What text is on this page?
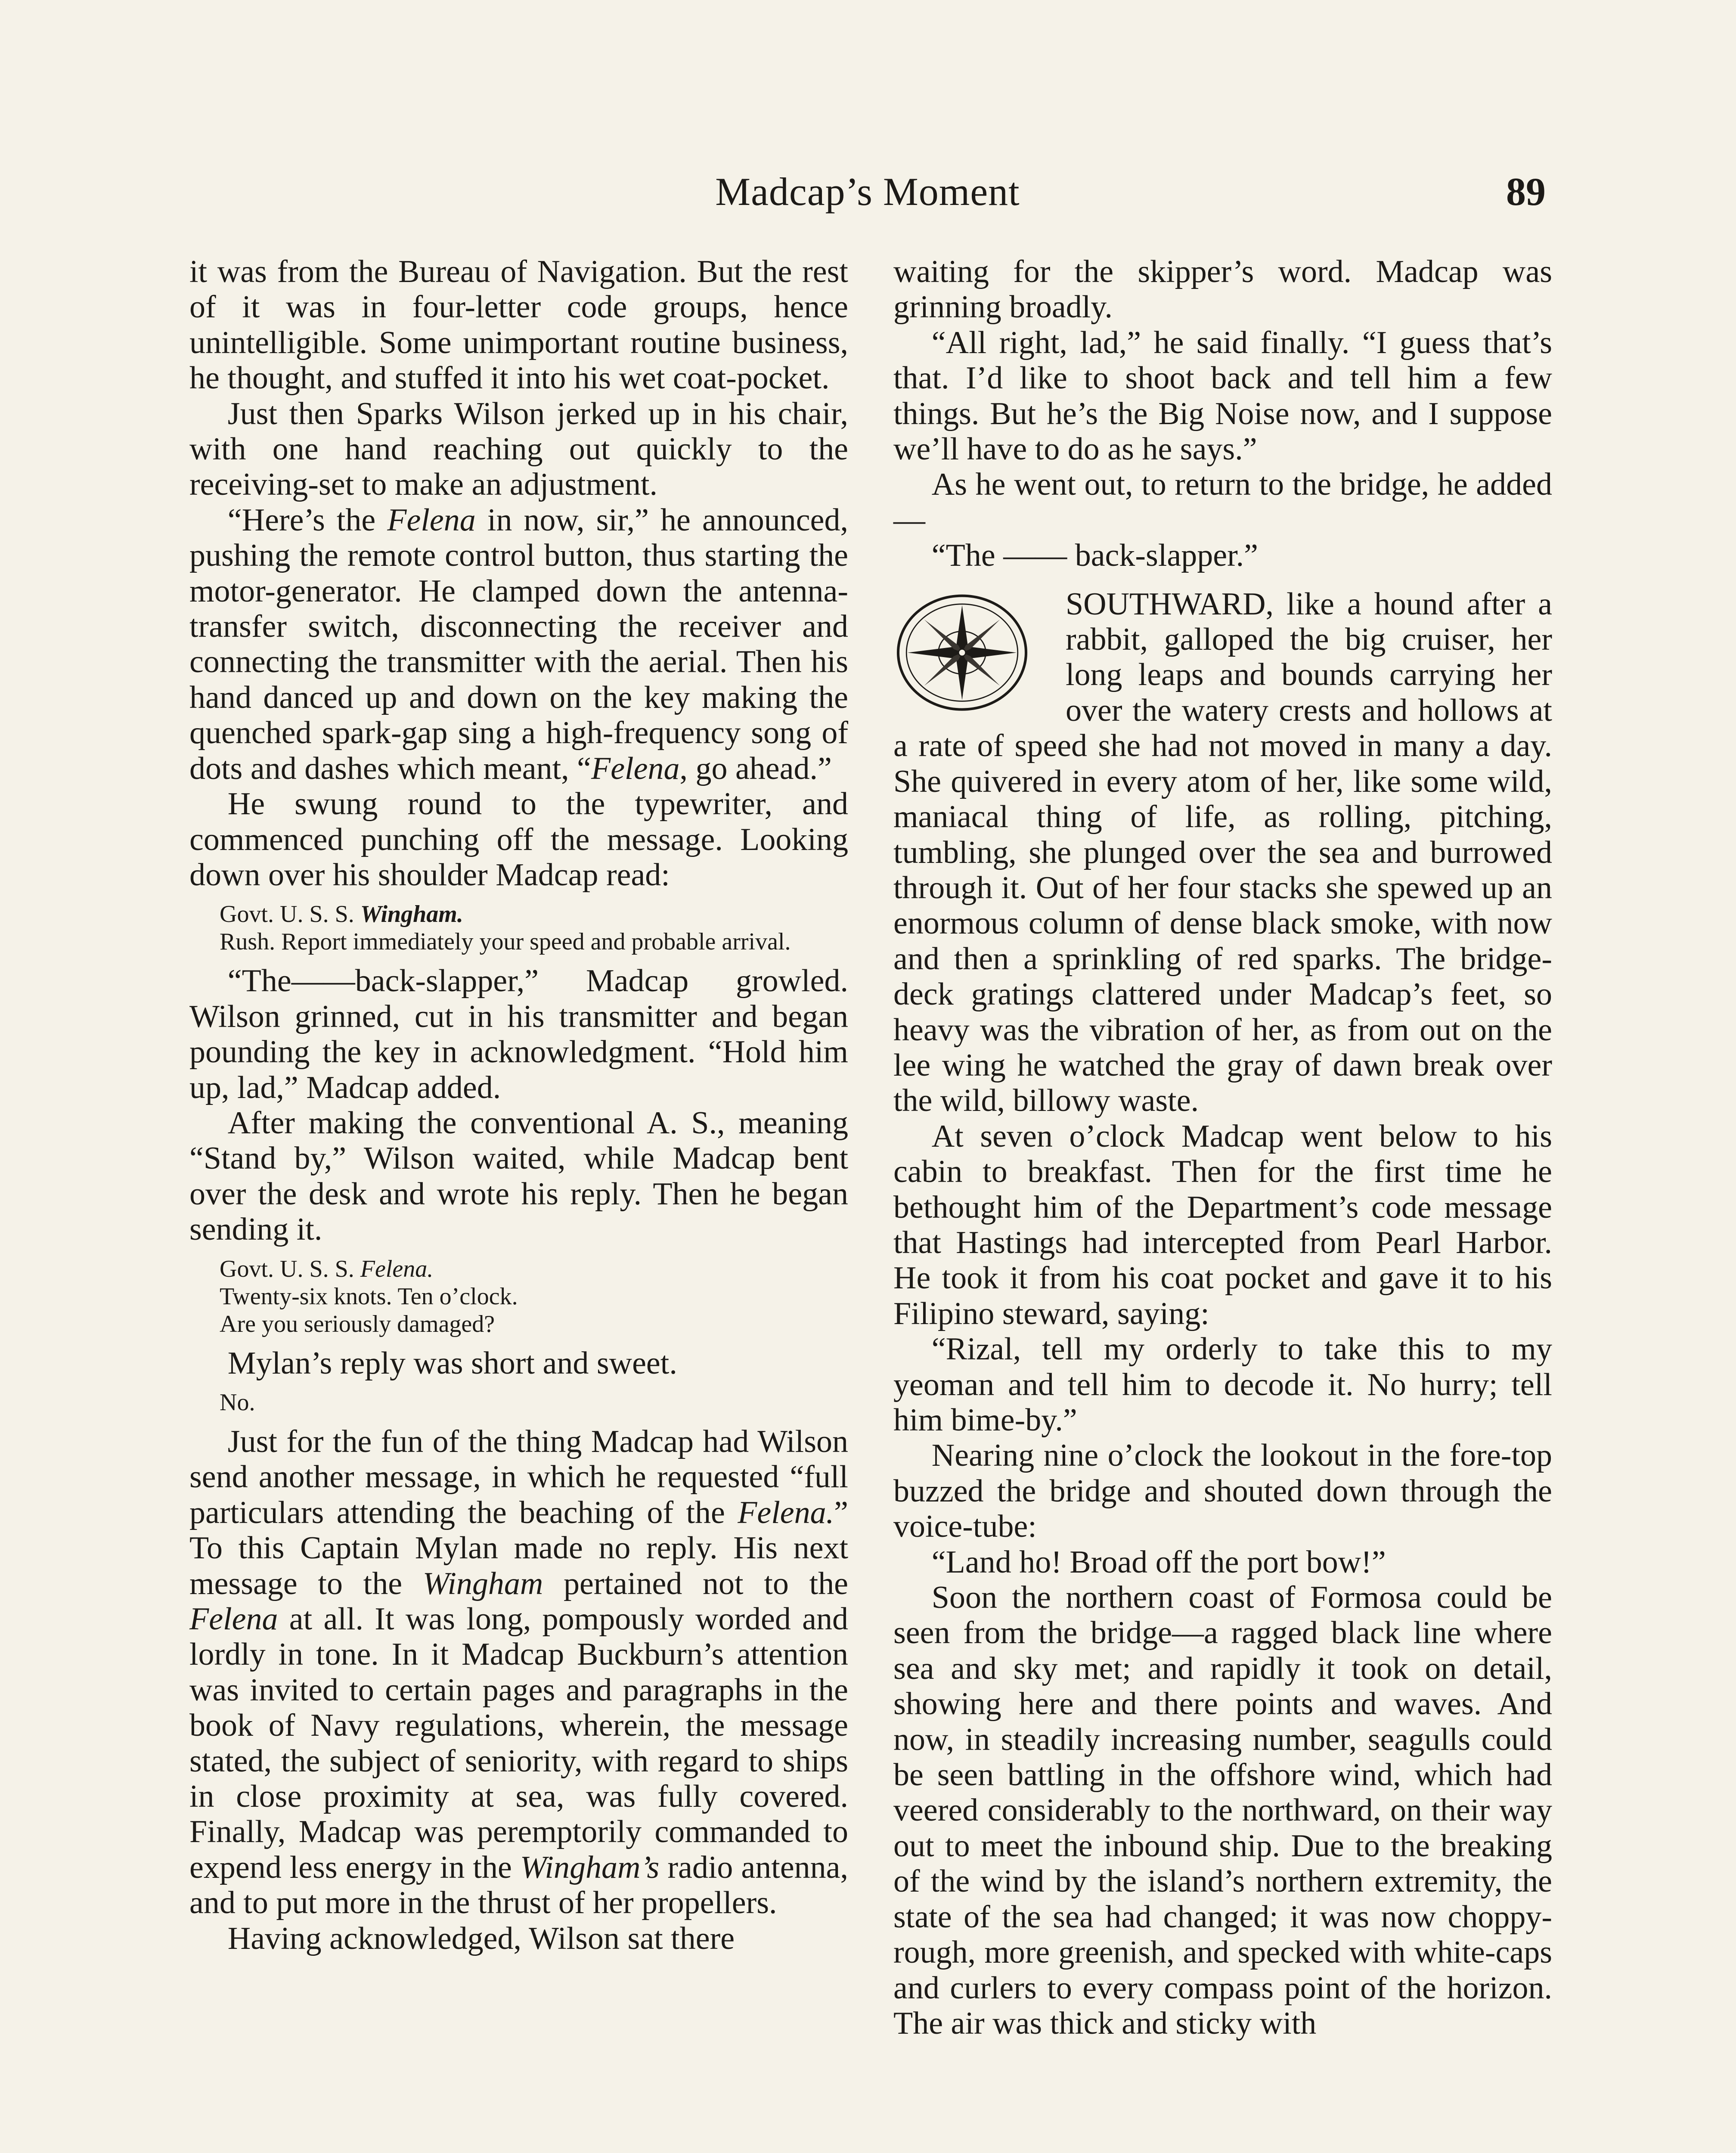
Madcap’s Moment	89

it was from the Bureau of Navigation. But the rest of it was in four-letter code groups, hence unintelligible. Some unimportant routine business, he thought, and stuffed it into his wet coat-pocket.

Just then Sparks Wilson jerked up in his chair, with one hand reaching out quickly to the receiving-set to make an adjustment.

“Here’s the Felena in now, sir,” he announced, pushing the remote control button, thus starting the motor-generator. He clamped down the antenna-transfer switch, disconnecting the receiver and connecting the transmitter with the aerial. Then his hand danced up and down on the key making the quenched spark-gap sing a high-frequency song of dots and dashes which meant, “Felena, go ahead.”

He swung round to the typewriter, and commenced punching off the message. Looking down over his shoulder Madcap read:

Govt. U. S. S. Wingham.
Rush. Report immediately your speed and probable arrival.

“The——back-slapper,” Madcap growled. Wilson grinned, cut in his transmitter and began pounding the key in acknowledgment. “Hold him up, lad,” Madcap added.

After making the conventional A. S., meaning “Stand by,” Wilson waited, while Madcap bent over the desk and wrote his reply. Then he began sending it.

Govt. U. S. S. Felena.
Twenty-six knots. Ten o’clock.
Are you seriously damaged?

Mylan’s reply was short and sweet.

No.

Just for the fun of the thing Madcap had Wilson send another message, in which he requested “full particulars attending the beaching of the Felena.” To this Captain Mylan made no reply. His next message to the Wingham pertained not to the Felena at all. It was long, pompously worded and lordly in tone. In it Madcap Buckburn’s attention was invited to certain pages and paragraphs in the book of Navy regulations, wherein, the message stated, the subject of seniority, with regard to ships in close proximity at sea, was fully covered. Finally, Madcap was peremptorily commanded to expend less energy in the Wingham’s radio antenna, and to put more in the thrust of her propellers.

Having acknowledged, Wilson sat there

waiting for the skipper’s word. Madcap was grinning broadly.

“All right, lad,” he said finally. “I guess that’s that. I’d like to shoot back and tell him a few things. But he’s the Big Noise now, and I suppose we’ll have to do as he says.”

As he went out, to return to the bridge, he added—

“The —— back-slapper.”

SOUTHWARD, like a hound after a rabbit, galloped the big cruiser, her long leaps and bounds carrying her over the watery crests and hollows at a rate of speed she had not moved in many a day. She quivered in every atom of her, like some wild, maniacal thing of life, as rolling, pitching, tumbling, she plunged over the sea and burrowed through it. Out of her four stacks she spewed up an enormous column of dense black smoke, with now and then a sprinkling of red sparks. The bridge-deck gratings clattered under Madcap’s feet, so heavy was the vibration of her, as from out on the lee wing he watched the gray of dawn break over the wild, billowy waste.

At seven o’clock Madcap went below to his cabin to breakfast. Then for the first time he bethought him of the Department’s code message that Hastings had intercepted from Pearl Harbor. He took it from his coat pocket and gave it to his Filipino steward, saying:

“Rizal, tell my orderly to take this to my yeoman and tell him to decode it. No hurry; tell him bime-by.”

Nearing nine o’clock the lookout in the fore-top buzzed the bridge and shouted down through the voice-tube:

“Land ho! Broad off the port bow!”

Soon the northern coast of Formosa could be seen from the bridge—a ragged black line where sea and sky met; and rapidly it took on detail, showing here and there points and waves. And now, in steadily increasing number, seagulls could be seen battling in the offshore wind, which had veered considerably to the northward, on their way out to meet the inbound ship. Due to the breaking of the wind by the island’s northern extremity, the state of the sea had changed; it was now choppy-rough, more greenish, and specked with white-caps and curlers to every compass point of the horizon. The air was thick and sticky with
